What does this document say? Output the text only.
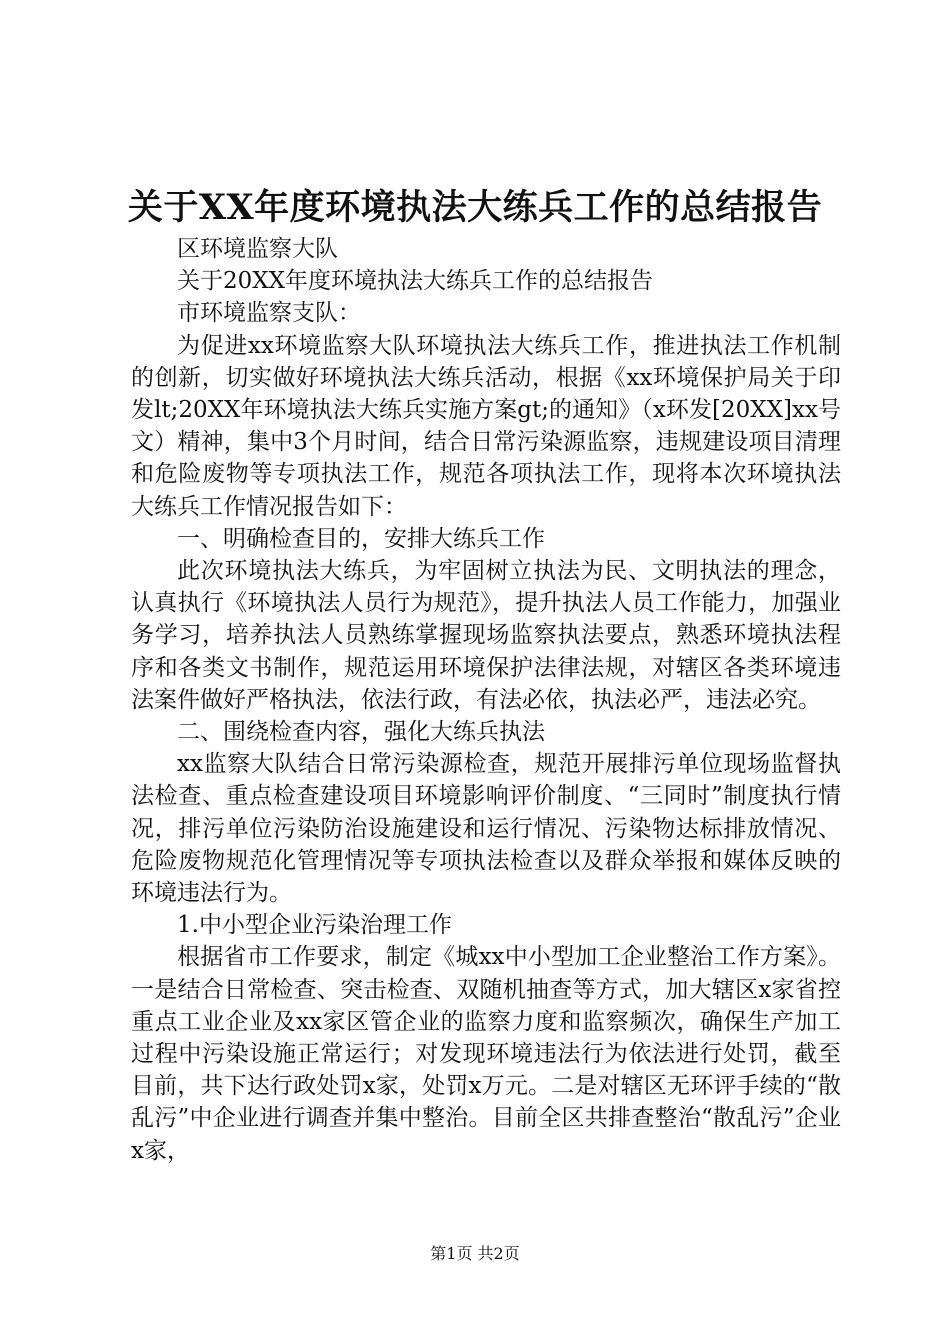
关于XX年度环境执法大练兵工作的总结报告

区环境监察大队

关于20XX年度环境执法大练兵工作的总结报告

市环境监察支队：

为促进xx环境监察大队环境执法大练兵工作，推进执法工作机制的创新，切实做好环境执法大练兵活动，根据《xx环境保护局关于印发lt;20XX年环境执法大练兵实施方案gt;的通知》（x环发[20XX]xx号文）精神，集中3个月时间，结合日常污染源监察，违规建设项目清理和危险废物等专项执法工作，规范各项执法工作，现将本次环境执法大练兵工作情况报告如下：

一、明确检查目的，安排大练兵工作

此次环境执法大练兵，为牢固树立执法为民、文明执法的理念，认真执行《环境执法人员行为规范》，提升执法人员工作能力，加强业务学习，培养执法人员熟练掌握现场监察执法要点，熟悉环境执法程序和各类文书制作，规范运用环境保护法律法规，对辖区各类环境违法案件做好严格执法，依法行政，有法必依，执法必严，违法必究。

二、围绕检查内容，强化大练兵执法

xx监察大队结合日常污染源检查，规范开展排污单位现场监督执法检查、重点检查建设项目环境影响评价制度、“三同时”制度执行情况，排污单位污染防治设施建设和运行情况、污染物达标排放情况、危险废物规范化管理情况等专项执法检查以及群众举报和媒体反映的环境违法行为。

1.中小型企业污染治理工作

根据省市工作要求，制定《城xx中小型加工企业整治工作方案》。一是结合日常检查、突击检查、双随机抽查等方式，加大辖区x家省控重点工业企业及xx家区管企业的监察力度和监察频次，确保生产加工过程中污染设施正常运行；对发现环境违法行为依法进行处罚，截至目前，共下达行政处罚x家，处罚x万元。二是对辖区无环评手续的“散乱污”中企业进行调查并集中整治。目前全区共排查整治“散乱污”企业x家，

第1页 共2页
